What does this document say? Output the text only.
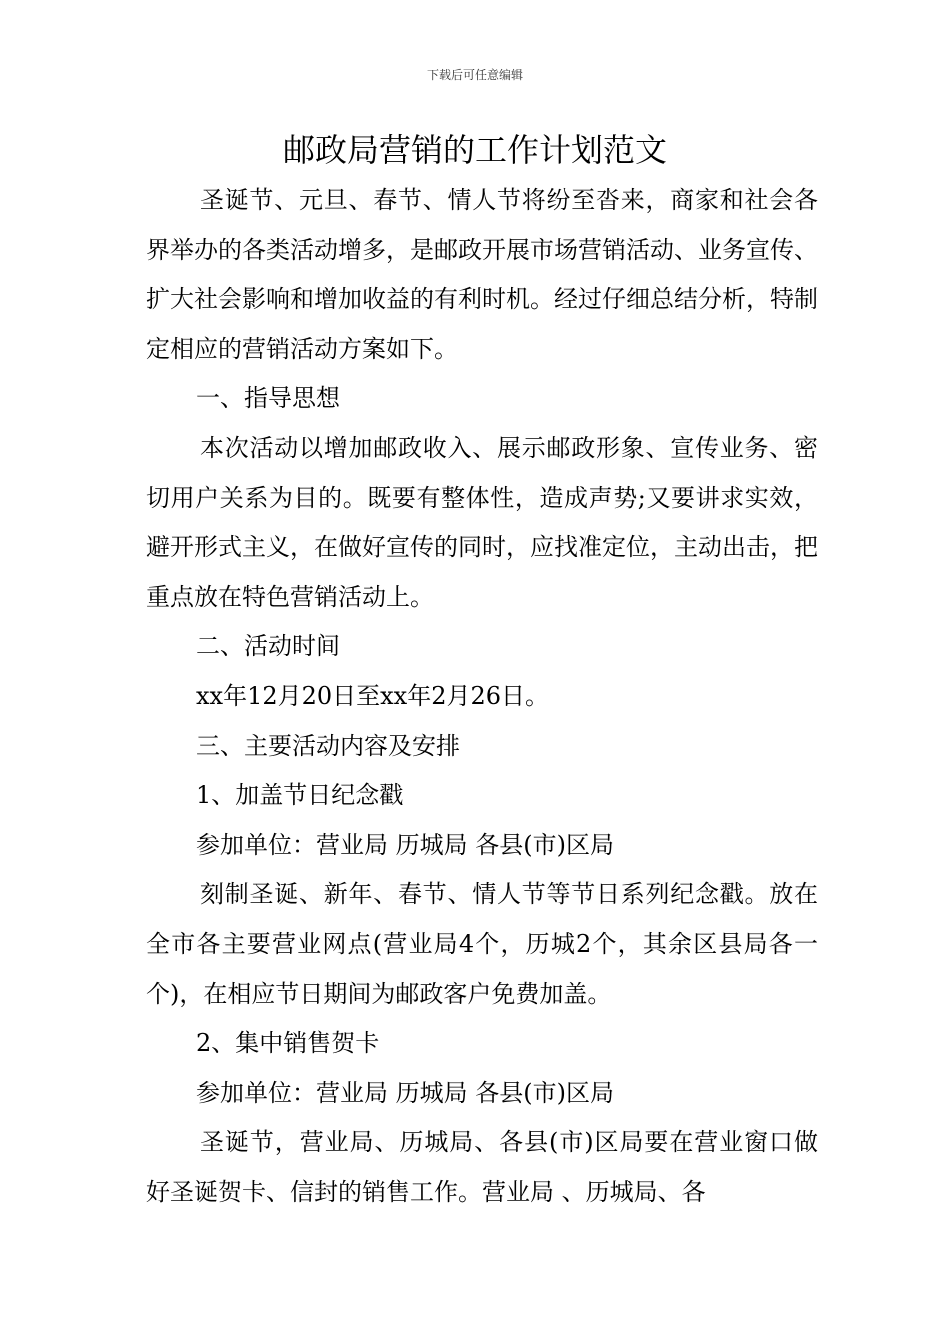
下载后可任意编辑
邮政局营销的工作计划范文

圣诞节、元旦、春节、情人节将纷至沓来，商家和社会各界举办的各类活动增多，是邮政开展市场营销活动、业务宣传、扩大社会影响和增加收益的有利时机。经过仔细总结分析，特制定相应的营销活动方案如下。

一、指导思想

本次活动以增加邮政收入、展示邮政形象、宣传业务、密切用户关系为目的。既要有整体性，造成声势;又要讲求实效，避开形式主义，在做好宣传的同时，应找准定位，主动出击，把重点放在特色营销活动上。

二、活动时间

xx年12月20日至xx年2月26日。

三、主要活动内容及安排

1、加盖节日纪念戳

参加单位：营业局 历城局 各县(市)区局

刻制圣诞、新年、春节、情人节等节日系列纪念戳。放在全市各主要营业网点(营业局4个，历城2个，其余区县局各一个)，在相应节日期间为邮政客户免费加盖。

2、集中销售贺卡

参加单位：营业局 历城局 各县(市)区局

圣诞节，营业局、历城局、各县(市)区局要在营业窗口做好圣诞贺卡、信封的销售工作。营业局 、历城局、各
